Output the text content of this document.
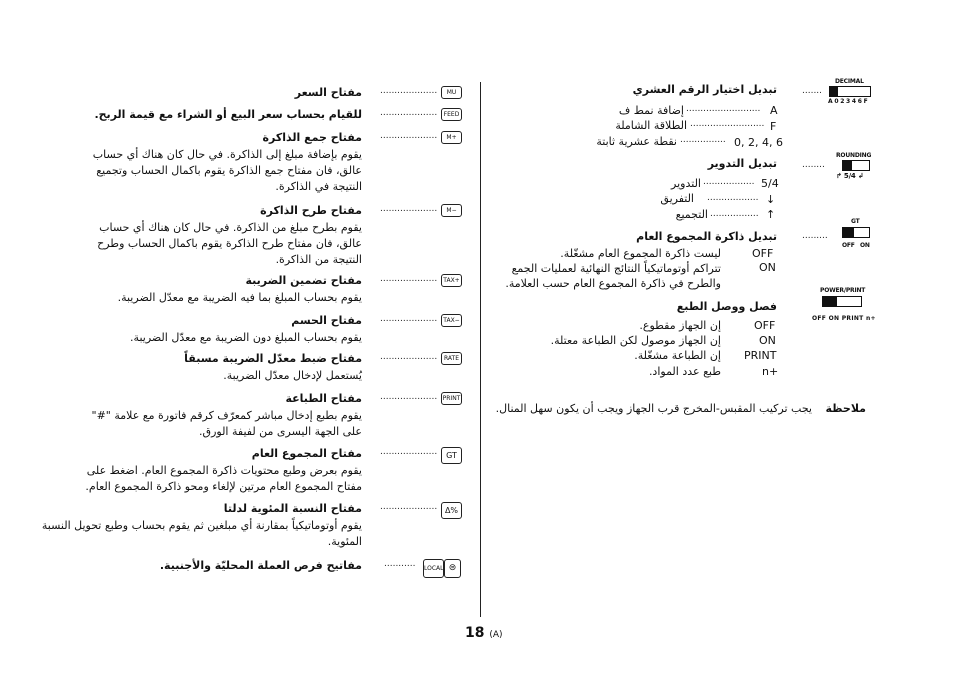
MU
....................
مفتاح السعر
FEED
....................
للقيام بحساب سعر البيع أو الشراء مع قيمة الربح.
M+
....................
مفتاح جمع الذاكرة
يقوم بإضافة مبلغ إلى الذاكرة. في حال كان هناك أي حساب
عالق، فان مفتاح جمع الذاكرة يقوم باكمال الحساب وتجميع
النتيجة في الذاكرة.
M−
....................
مفتاح طرح الذاكرة
يقوم بطرح مبلغ من الذاكرة. في حال كان هناك أي حساب
عالق، فان مفتاح طرح الذاكرة يقوم باكمال الحساب وطرح
النتيجة من الذاكرة.
TAX+
....................
مفتاح تضمين الضريبة
يقوم بحساب المبلغ بما فيه الضريبة مع معدّل الضريبة.
TAX−
....................
مفتاح الحسم
يقوم بحساب المبلغ دون الضريبة مع معدّل الضريبة.
RATE
....................
مفتاح ضبط معدّل الضريبة مسبقاً
يُستعمل لإدخال معدّل الضريبة.
PRINT
....................
مفتاح الطباعة
يقوم بطبع إدخال مباشر كمعرّف كرقم فاتورة مع علامة "#"
على الجهة اليسرى من لفيفة الورق.
GT
....................
مفتاح المجموع العام
يقوم بعرض وطبع محتويات ذاكرة المجموع العام. اضغط على
مفتاح المجموع العام مرتين لإلغاء ومحو ذاكرة المجموع العام.
Δ%
....................
مفتاح النسبة المئوية لدلتا
يقوم أوتوماتيكياً بمقارنة أي مبلغين ثم يقوم بحساب وطبع تحويل النسبة
المئوية.
LOCAL ⊜
...........
مفاتيح فرص العملة المحليّة والأجنبية.
DECIMAL
A 0 2 3 4 6 F
.......
تبديل اختيار الرقم العشري
إضافة نمط ف .......................... A
الطلاقة الشاملة .......................... F
نقطة عشرية ثابتة ................ 0, 2, 4, 6
ROUNDING
↱ 5/4 ↲
........
تبديل التدوير
التدوير .................. 5/4
التفريق .................. ↓
التجميع ................. ↑
GT
OFF ON
.........
تبديل ذاكرة المجموع العام
OFF
ليست ذاكرة المجموع العام مشغّلة.
ON
تتراكم أوتوماتيكياً النتائج النهائية لعمليات الجمع
والطرح في ذاكرة المجموع العام حسب العلامة.
POWER/PRINT
OFF ON PRINT n+
فصل ووصل الطبع
OFF
إن الجهاز مقطوع.
ON
إن الجهاز موصول لكن الطباعة معتلة.
PRINT
إن الطباعة مشغّلة.
n+
طبع عدد المواد.
ملاحظة
يجب تركيب المقبس-المخرج قرب الجهاز ويجب أن يكون سهل المنال.
18 (A)
